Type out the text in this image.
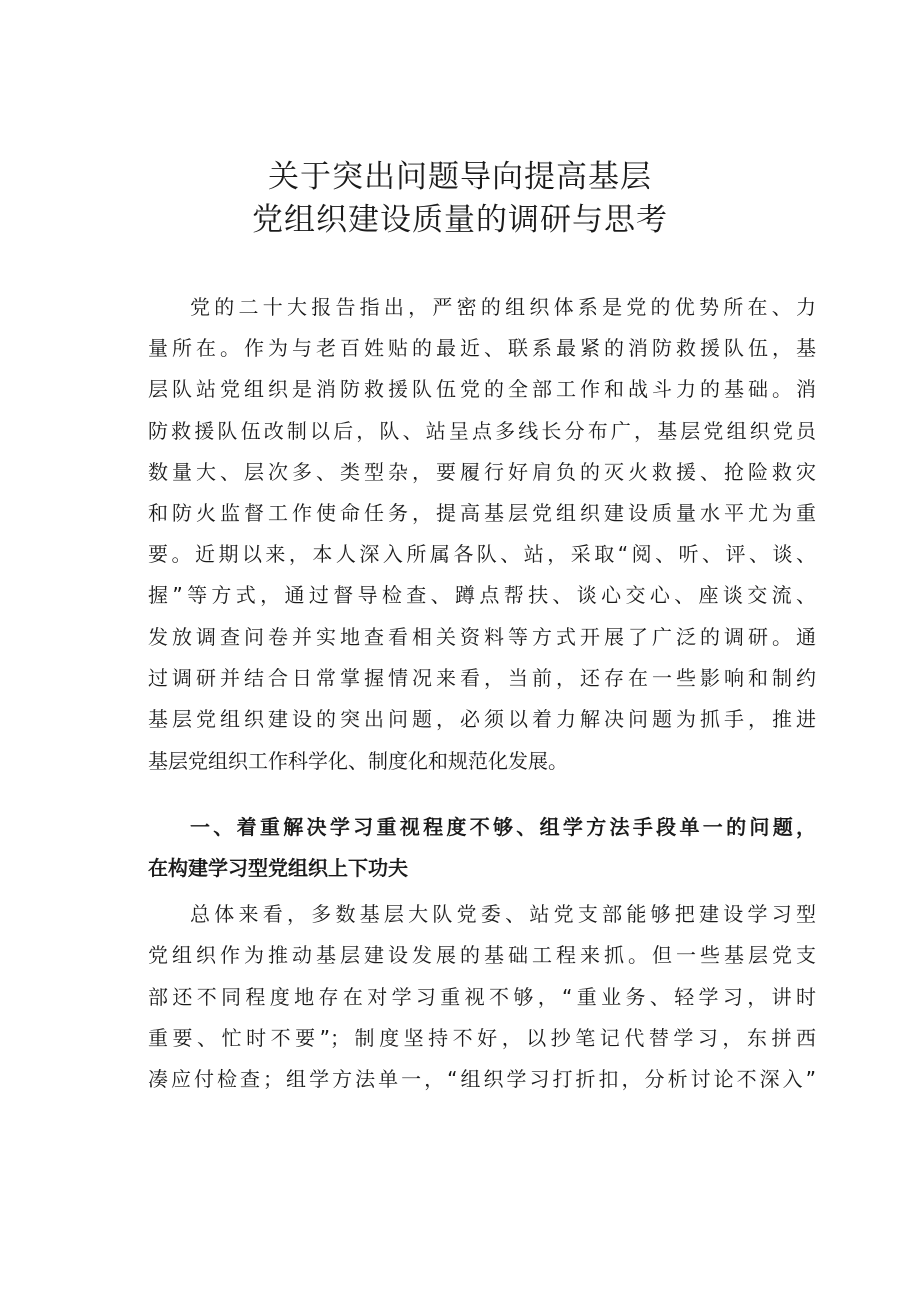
关于突出问题导向提高基层
党组织建设质量的调研与思考
党的二十大报告指出，严密的组织体系是党的优势所在、力
量所在。作为与老百姓贴的最近、联系最紧的消防救援队伍，基
层队站党组织是消防救援队伍党的全部工作和战斗力的基础。消
防救援队伍改制以后，队、站呈点多线长分布广，基层党组织党员
数量大、层次多、类型杂，要履行好肩负的灭火救援、抢险救灾
和防火监督工作使命任务，提高基层党组织建设质量水平尤为重
要。近期以来，本人深入所属各队、站，采取“阅、听、评、谈、
握”等方式，通过督导检查、蹲点帮扶、谈心交心、座谈交流、
发放调查问卷并实地查看相关资料等方式开展了广泛的调研。通
过调研并结合日常掌握情况来看，当前，还存在一些影响和制约
基层党组织建设的突出问题，必须以着力解决问题为抓手，推进
基层党组织工作科学化、制度化和规范化发展。
一、着重解决学习重视程度不够、组学方法手段单一的问题，
在构建学习型党组织上下功夫
总体来看，多数基层大队党委、站党支部能够把建设学习型
党组织作为推动基层建设发展的基础工程来抓。但一些基层党支
部还不同程度地存在对学习重视不够，“重业务、轻学习，讲时
重要、忙时不要”；制度坚持不好，以抄笔记代替学习，东拼西
凑应付检查；组学方法单一，“组织学习打折扣，分析讨论不深入”
